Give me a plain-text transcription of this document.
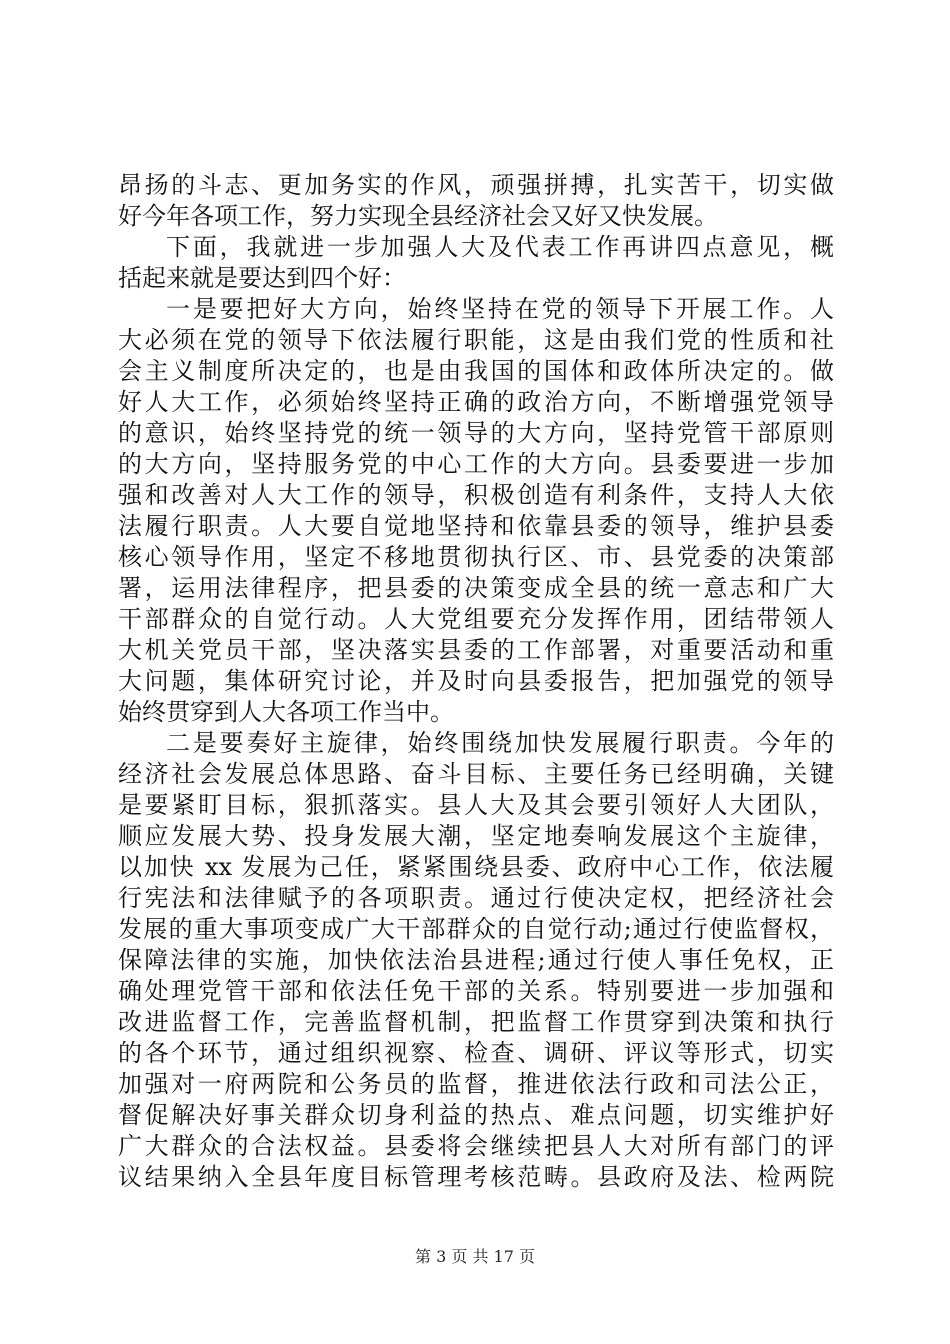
昂扬的斗志、更加务实的作风，顽强拼搏，扎实苦干，切实做
好今年各项工作，努力实现全县经济社会又好又快发展。
下面，我就进一步加强人大及代表工作再讲四点意见，概
括起来就是要达到四个好：
一是要把好大方向，始终坚持在党的领导下开展工作。人
大必须在党的领导下依法履行职能，这是由我们党的性质和社
会主义制度所决定的，也是由我国的国体和政体所决定的。做
好人大工作，必须始终坚持正确的政治方向，不断增强党领导
的意识，始终坚持党的统一领导的大方向，坚持党管干部原则
的大方向，坚持服务党的中心工作的大方向。县委要进一步加
强和改善对人大工作的领导，积极创造有利条件，支持人大依
法履行职责。人大要自觉地坚持和依靠县委的领导，维护县委
核心领导作用，坚定不移地贯彻执行区、市、县党委的决策部
署，运用法律程序，把县委的决策变成全县的统一意志和广大
干部群众的自觉行动。人大党组要充分发挥作用，团结带领人
大机关党员干部，坚决落实县委的工作部署，对重要活动和重
大问题，集体研究讨论，并及时向县委报告，把加强党的领导
始终贯穿到人大各项工作当中。
二是要奏好主旋律，始终围绕加快发展履行职责。今年的
经济社会发展总体思路、奋斗目标、主要任务已经明确，关键
是要紧盯目标，狠抓落实。县人大及其会要引领好人大团队，
顺应发展大势、投身发展大潮，坚定地奏响发展这个主旋律，
以加快 xx 发展为己任，紧紧围绕县委、政府中心工作，依法履
行宪法和法律赋予的各项职责。通过行使决定权，把经济社会
发展的重大事项变成广大干部群众的自觉行动;通过行使监督权，
保障法律的实施，加快依法治县进程;通过行使人事任免权，正
确处理党管干部和依法任免干部的关系。特别要进一步加强和
改进监督工作，完善监督机制，把监督工作贯穿到决策和执行
的各个环节，通过组织视察、检查、调研、评议等形式，切实
加强对一府两院和公务员的监督，推进依法行政和司法公正，
督促解决好事关群众切身利益的热点、难点问题，切实维护好
广大群众的合法权益。县委将会继续把县人大对所有部门的评
议结果纳入全县年度目标管理考核范畴。县政府及法、检两院
第 3 页 共 17 页
